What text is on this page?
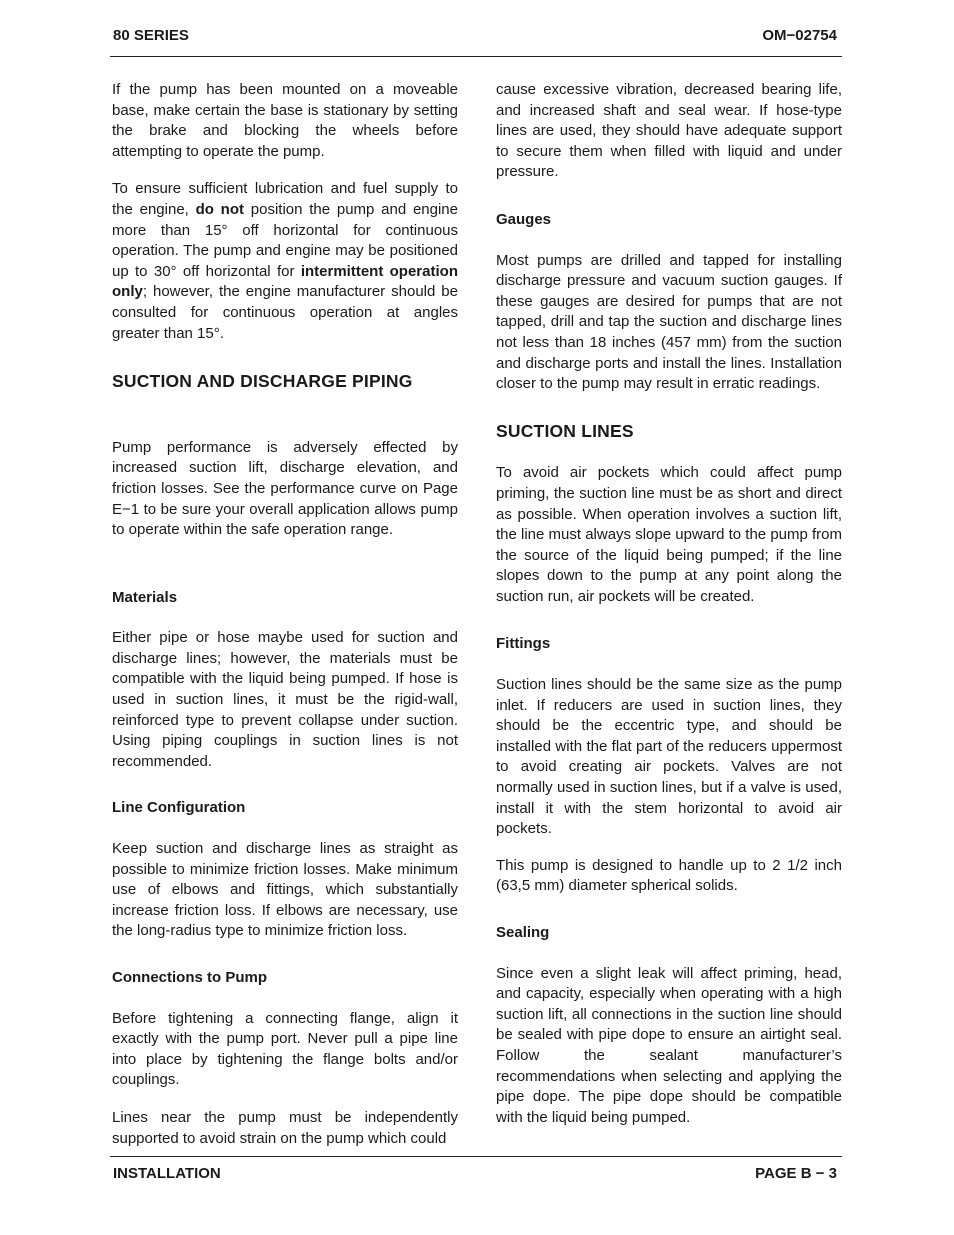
80 SERIES	OM−02754

If the pump has been mounted on a moveable base, make certain the base is stationary by setting the brake and blocking the wheels before attempting to operate the pump.

To ensure sufficient lubrication and fuel supply to the engine, do not position the pump and engine more than 15° off horizontal for continuous operation. The pump and engine may be positioned up to 30° off horizontal for intermittent operation only; however, the engine manufacturer should be consulted for continuous operation at angles greater than 15°.

SUCTION AND DISCHARGE PIPING

Pump performance is adversely effected by increased suction lift, discharge elevation, and friction losses. See the performance curve on Page E−1 to be sure your overall application allows pump to operate within the safe operation range.

Materials

Either pipe or hose maybe used for suction and discharge lines; however, the materials must be compatible with the liquid being pumped. If hose is used in suction lines, it must be the rigid-wall, reinforced type to prevent collapse under suction. Using piping couplings in suction lines is not recommended.

Line Configuration

Keep suction and discharge lines as straight as possible to minimize friction losses. Make minimum use of elbows and fittings, which substantially increase friction loss. If elbows are necessary, use the long-radius type to minimize friction loss.

Connections to Pump

Before tightening a connecting flange, align it exactly with the pump port. Never pull a pipe line into place by tightening the flange bolts and/or couplings.

Lines near the pump must be independently supported to avoid strain on the pump which could

cause excessive vibration, decreased bearing life, and increased shaft and seal wear. If hose-type lines are used, they should have adequate support to secure them when filled with liquid and under pressure.

Gauges

Most pumps are drilled and tapped for installing discharge pressure and vacuum suction gauges. If these gauges are desired for pumps that are not tapped, drill and tap the suction and discharge lines not less than 18 inches (457 mm) from the suction and discharge ports and install the lines. Installation closer to the pump may result in erratic readings.

SUCTION LINES

To avoid air pockets which could affect pump priming, the suction line must be as short and direct as possible. When operation involves a suction lift, the line must always slope upward to the pump from the source of the liquid being pumped; if the line slopes down to the pump at any point along the suction run, air pockets will be created.

Fittings

Suction lines should be the same size as the pump inlet. If reducers are used in suction lines, they should be the eccentric type, and should be installed with the flat part of the reducers uppermost to avoid creating air pockets. Valves are not normally used in suction lines, but if a valve is used, install it with the stem horizontal to avoid air pockets.

This pump is designed to handle up to 2 1/2 inch (63,5 mm) diameter spherical solids.

Sealing

Since even a slight leak will affect priming, head, and capacity, especially when operating with a high suction lift, all connections in the suction line should be sealed with pipe dope to ensure an airtight seal. Follow the sealant manufacturer’s recommendations when selecting and applying the pipe dope. The pipe dope should be compatible with the liquid being pumped.

INSTALLATION	PAGE B − 3
